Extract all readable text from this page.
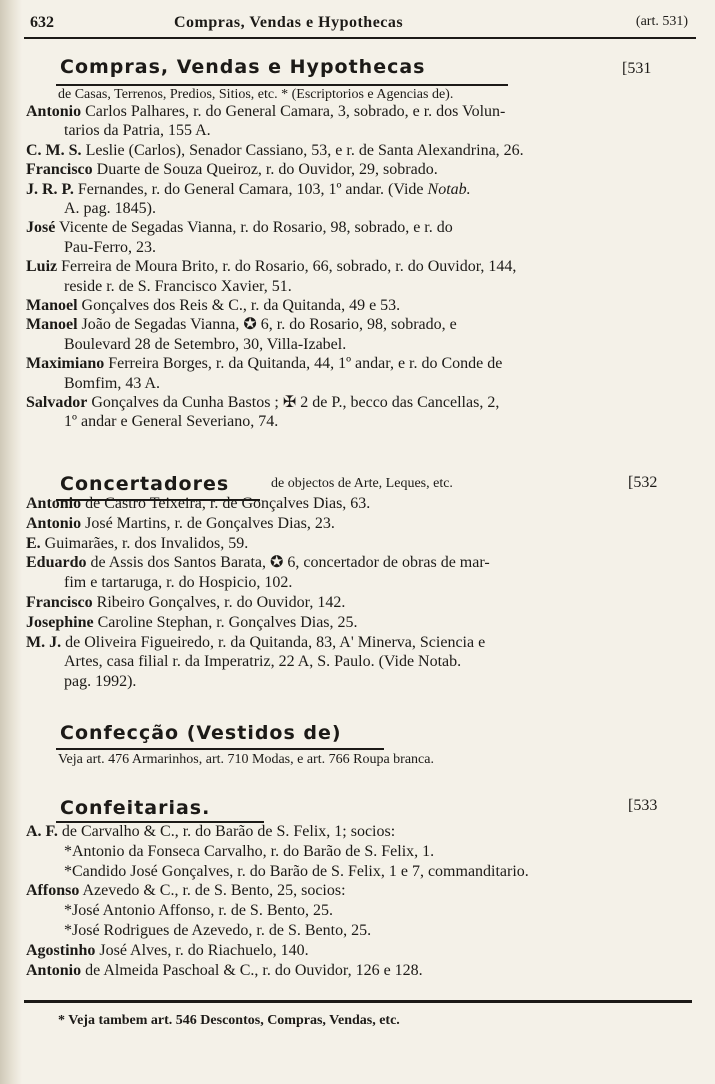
632	Compras, Vendas e Hypothecas	(art. 531)
Compras, Vendas e Hypothecas	[531
de Casas, Terrenos, Predios, Sitios, etc. * (Escriptorios e Agencias de).
Antonio Carlos Palhares, r. do General Camara, 3, sobrado, e r. dos Volun-
tarios da Patria, 155 A.
C. M. S. Leslie (Carlos), Senador Cassiano, 53, e r. de Santa Alexandrina, 26.
Francisco Duarte de Souza Queiroz, r. do Ouvidor, 29, sobrado.
J. R. P. Fernandes, r. do General Camara, 103, 1º andar. (Vide Notab.
A. pag. 1845).
José Vicente de Segadas Vianna, r. do Rosario, 98, sobrado, e r. do
Pau-Ferro, 23.
Luiz Ferreira de Moura Brito, r. do Rosario, 66, sobrado, r. do Ouvidor, 144,
reside r. de S. Francisco Xavier, 51.
Manoel Gonçalves dos Reis & C., r. da Quitanda, 49 e 53.
Manoel João de Segadas Vianna, ✪ 6, r. do Rosario, 98, sobrado, e
Boulevard 28 de Setembro, 30, Villa-Izabel.
Maximiano Ferreira Borges, r. da Quitanda, 44, 1º andar, e r. do Conde de
Bomfim, 43 A.
Salvador Gonçalves da Cunha Bastos ; ✠ 2 de P., becco das Cancellas, 2,
1º andar e General Severiano, 74.
Concertadores	de objectos de Arte, Leques, etc.	[532
Antonio de Castro Teixeira, r. de Gonçalves Dias, 63.
Antonio José Martins, r. de Gonçalves Dias, 23.
E. Guimarães, r. dos Invalidos, 59.
Eduardo de Assis dos Santos Barata, ✪ 6, concertador de obras de mar-
fim e tartaruga, r. do Hospicio, 102.
Francisco Ribeiro Gonçalves, r. do Ouvidor, 142.
Josephine Caroline Stephan, r. Gonçalves Dias, 25.
M. J. de Oliveira Figueiredo, r. da Quitanda, 83, A' Minerva, Sciencia e
Artes, casa filial r. da Imperatriz, 22 A, S. Paulo. (Vide Notab.
pag. 1992).
Confecção (Vestidos de)
Veja art. 476 Armarinhos, art. 710 Modas, e art. 766 Roupa branca.
Confeitarias.	[533
A. F. de Carvalho & C., r. do Barão de S. Felix, 1; socios:
*Antonio da Fonseca Carvalho, r. do Barão de S. Felix, 1.
*Candido José Gonçalves, r. do Barão de S. Felix, 1 e 7, commanditario.
Affonso Azevedo & C., r. de S. Bento, 25, socios:
*José Antonio Affonso, r. de S. Bento, 25.
*José Rodrigues de Azevedo, r. de S. Bento, 25.
Agostinho José Alves, r. do Riachuelo, 140.
Antonio de Almeida Paschoal & C., r. do Ouvidor, 126 e 128.
* Veja tambem art. 546 Descontos, Compras, Vendas, etc.
